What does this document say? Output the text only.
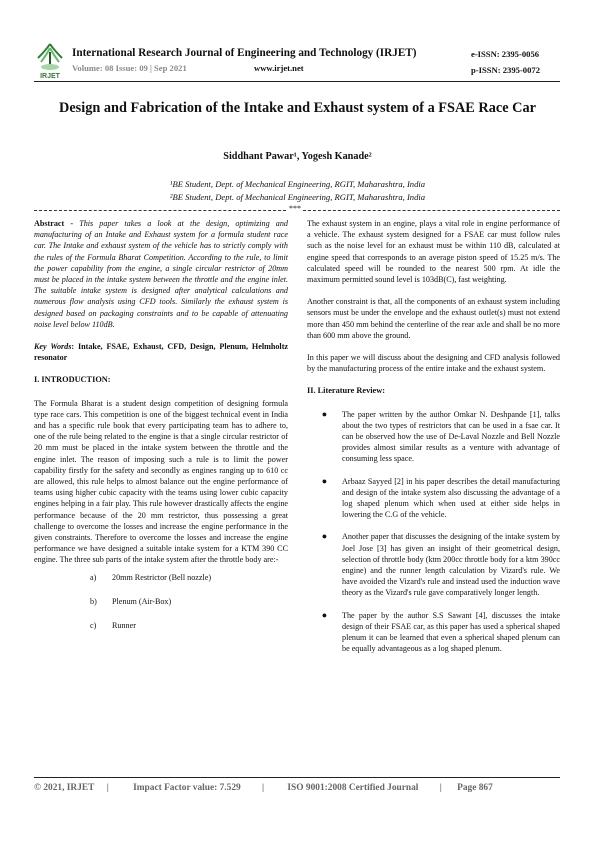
IRJET
International Research Journal of Engineering and Technology (IRJET)
Volume: 08 Issue: 09 | Sep 2021	www.irjet.net
e-ISSN: 2395-0056
p-ISSN: 2395-0072
Design and Fabrication of the Intake and Exhaust system of a FSAE Race Car
Siddhant Pawar¹, Yogesh Kanade²
¹BE Student, Dept. of Mechanical Engineering, RGIT, Maharashtra, India
²BE Student, Dept. of Mechanical Engineering, RGIT, Maharashtra, India
***

Abstract - This paper takes a look at the design, optimizing and manufacturing of an Intake and Exhaust system for a formula student race car. The Intake and exhaust system of the vehicle has to strictly comply with the rules of the Formula Bharat Competition. According to the rule, to limit the power capability from the engine, a single circular restrictor of 20mm must be placed in the intake system between the throttle and the engine inlet. The suitable intake system is designed after analytical calculations and numerous flow analysis using CFD tools. Similarly the exhaust system is designed based on packaging constraints and to be capable of attenuating noise level below 110dB.

Key Words: Intake, FSAE, Exhaust, CFD, Design, Plenum, Helmholtz resonator

I. INTRODUCTION:

The Formula Bharat is a student design competition of designing formula type race cars. This competition is one of the biggest technical event in India and has a specific rule book that every participating team has to adhere to, one of the rule being related to the engine is that a single circular restrictor of 20 mm must be placed in the intake system between the throttle and the engine inlet. The reason of imposing such a rule is to limit the power capability firstly for the safety and secondly as engines ranging up to 610 cc are allowed, this rule helps to almost balance out the engine performance of teams using higher cubic capacity with the teams using lower cubic capacity engines helping in a fair play. This rule however drastically affects the engine performance because of the 20 mm restrictor, thus possessing a great challenge to overcome the losses and increase the engine performance in the given constraints. Therefore to overcome the losses and increase the engine performance we have designed a suitable intake system for a KTM 390 CC engine. The three sub parts of the intake system after the throttle body are:-

a)	20mm Restrictor (Bell nozzle)
b)	Plenum (Air-Box)
c)	Runner

The exhaust system in an engine, plays a vital role in engine performance of a vehicle. The exhaust system designed for a FSAE car must follow rules such as the noise level for an exhaust must be within 110 dB, calculated at engine speed that corresponds to an average piston speed of 15.25 m/s. The calculated speed will be rounded to the nearest 500 rpm. At idle the maximum permitted sound level is 103dB(C), fast weighting.

Another constraint is that, all the components of an exhaust system including sensors must be under the envelope and the exhaust outlet(s) must not extend more than 450 mm behind the centerline of the rear axle and shall be no more than 600 mm above the ground.

In this paper we will discuss about the designing and CFD analysis followed by the manufacturing process of the entire intake and the exhaust system.

II. Literature Review:
●	The paper written by the author Omkar N. Deshpande [1], talks about the two types of restrictors that can be used in a fsae car. It can be observed how the use of De-Laval Nozzle and Bell Nozzle provides almost similar results as a venture with advantage of consuming less space.
●	Arbaaz Sayyed [2] in his paper describes the detail manufacturing and design of the intake system also discussing the advantage of a log shaped plenum which when used at either side helps in lowering the C.G of the vehicle.
●	Another paper that discusses the designing of the intake system by Joel Jose [3] has given an insight of their geometrical design, selection of throttle body (ktm 200cc throttle body for a ktm 390cc engine) and the runner length calculation by Vizard's rule. We have avoided the Vizard's rule and instead used the induction wave theory as the Vizard's rule gave comparatively longer length.
●	The paper by the author S.S Sawant [4], discusses the intake design of their FSAE car, as this paper has used a spherical shaped plenum it can be learned that even a spherical shaped plenum can be equally advantageous as a log shaped plenum.
© 2021, IRJET |	Impact Factor value: 7.529 | ISO 9001:2008 Certified Journal | Page 867
